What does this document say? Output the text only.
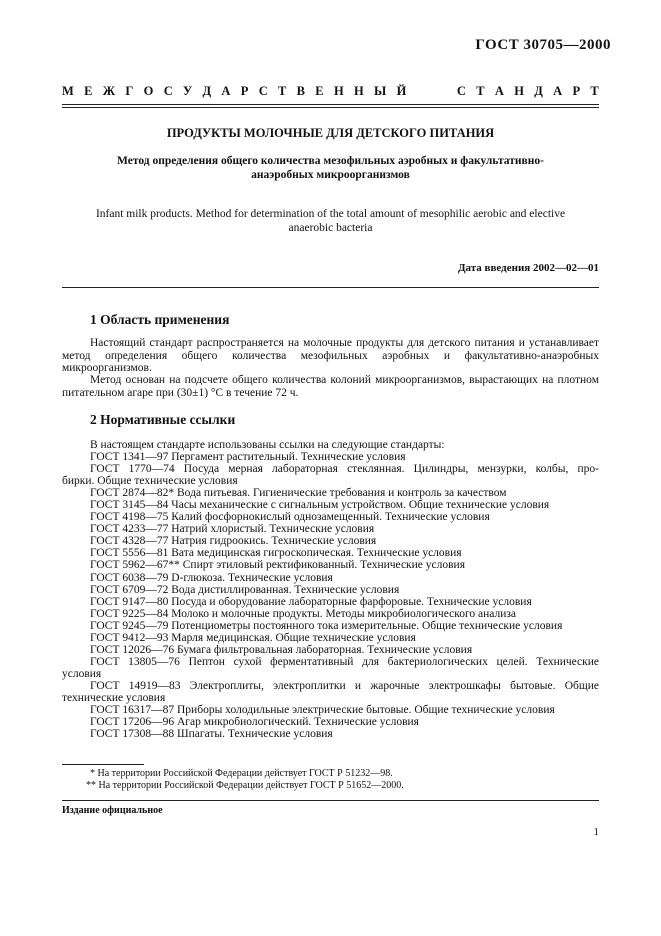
ГОСТ 30705—2000
М Е Ж Г О С У Д А Р С Т В Е Н Н Ы Й	С Т А Н Д А Р Т
ПРОДУКТЫ МОЛОЧНЫЕ ДЛЯ ДЕТСКОГО ПИТАНИЯ
Метод определения общего количества мезофильных аэробных и факультативно-анаэробных микроорганизмов
Infant milk products. Method for determination of the total amount of mesophilic aerobic and elective anaerobic bacteria
Дата введения 2002—02—01
1 Область применения
Настоящий стандарт распространяется на молочные продукты для детского питания и устанавливает метод определения общего количества мезофильных аэробных и факультативно-анаэробных микроорганизмов.
Метод основан на подсчете общего количества колоний микроорганизмов, вырастающих на плотном питательном агаре при (30±1) °С в течение 72 ч.
2 Нормативные ссылки
В настоящем стандарте использованы ссылки на следующие стандарты:
ГОСТ 1341—97 Пергамент растительный. Технические условия
ГОСТ 1770—74 Посуда мерная лабораторная стеклянная. Цилиндры, мензурки, колбы, про-
бирки. Общие технические условия
ГОСТ 2874—82* Вода питьевая. Гигиенические требования и контроль за качеством
ГОСТ 3145—84 Часы механические с сигнальным устройством. Общие технические условия
ГОСТ 4198—75 Калий фосфорнокислый однозамещенный. Технические условия
ГОСТ 4233—77 Натрий хлористый. Технические условия
ГОСТ 4328—77 Натрия гидроокись. Технические условия
ГОСТ 5556—81 Вата медицинская гигроскопическая. Технические условия
ГОСТ 5962—67** Спирт этиловый ректификованный. Технические условия
ГОСТ 6038—79 D-глюкоза. Технические условия
ГОСТ 6709—72 Вода дистиллированная. Технические условия
ГОСТ 9147—80 Посуда и оборудование лабораторные фарфоровые. Технические условия
ГОСТ 9225—84 Молоко и молочные продукты. Методы микробиологического анализа
ГОСТ 9245—79 Потенциометры постоянного тока измерительные. Общие технические условия
ГОСТ 9412—93 Марля медицинская. Общие технические условия
ГОСТ 12026—76 Бумага фильтровальная лабораторная. Технические условия
ГОСТ 13805—76 Пептон сухой ферментативный для бактериологических целей. Технические
условия
ГОСТ 14919—83 Электроплиты, электроплитки и жарочные электрошкафы бытовые. Общие
технические условия
ГОСТ 16317—87 Приборы холодильные электрические бытовые. Общие технические условия
ГОСТ 17206—96 Агар микробиологический. Технические условия
ГОСТ 17308—88 Шпагаты. Технические условия
* На территории Российской Федерации действует ГОСТ Р 51232—98.
** На территории Российской Федерации действует ГОСТ Р 51652—2000.
Издание официальное
1
